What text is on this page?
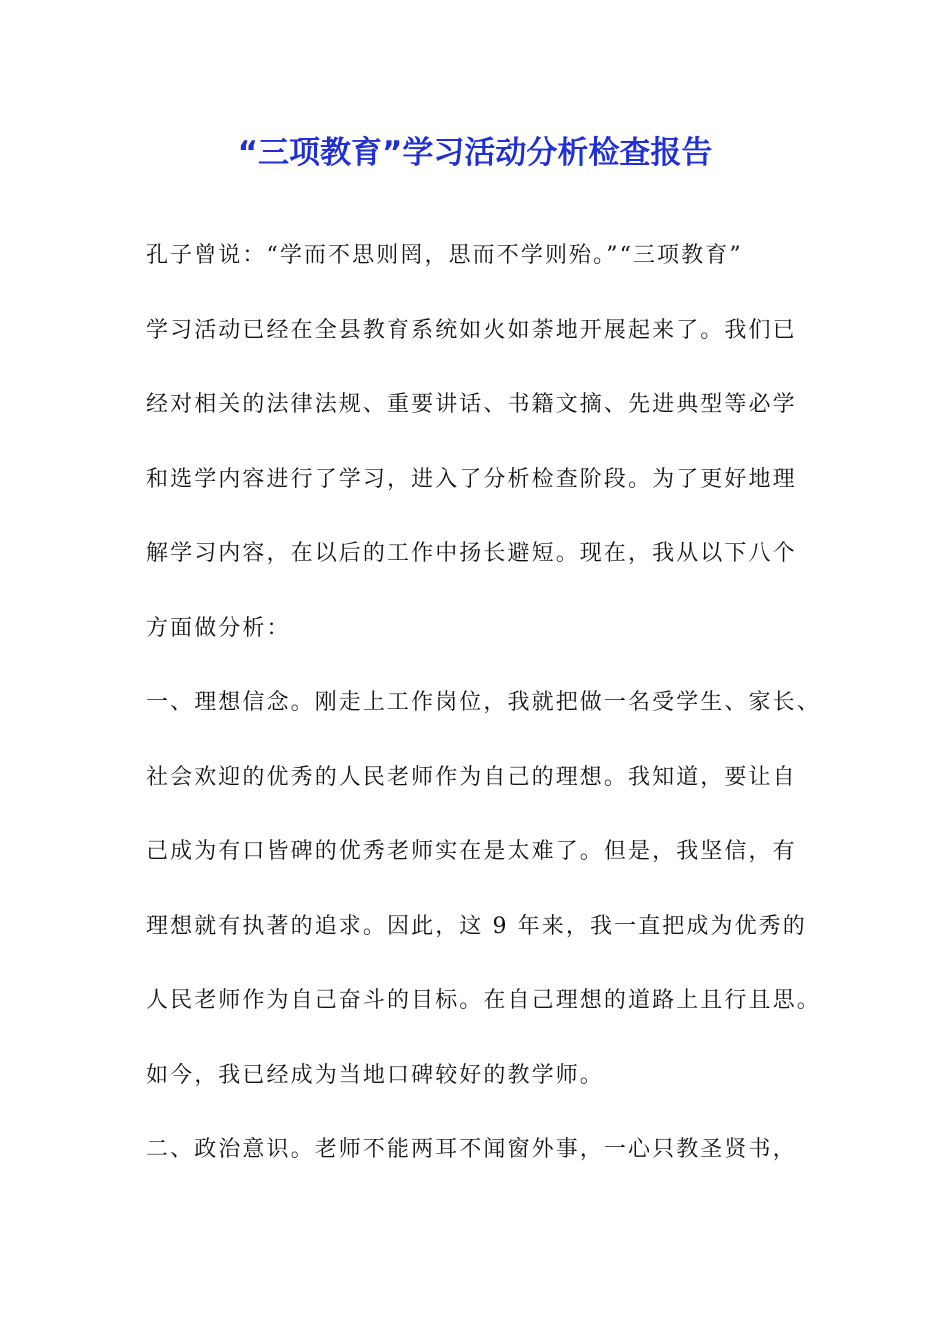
“三项教育”学习活动分析检查报告
孔子曾说：“学而不思则罔，思而不学则殆。”“三项教育”
学习活动已经在全县教育系统如火如荼地开展起来了。我们已
经对相关的法律法规、重要讲话、书籍文摘、先进典型等必学
和选学内容进行了学习，进入了分析检查阶段。为了更好地理
解学习内容，在以后的工作中扬长避短。现在，我从以下八个
方面做分析：
一、理想信念。刚走上工作岗位，我就把做一名受学生、家长、
社会欢迎的优秀的人民老师作为自己的理想。我知道，要让自
己成为有口皆碑的优秀老师实在是太难了。但是，我坚信，有
理想就有执著的追求。因此，这 9 年来，我一直把成为优秀的
人民老师作为自己奋斗的目标。在自己理想的道路上且行且思。
如今，我已经成为当地口碑较好的教学师。
二、政治意识。老师不能两耳不闻窗外事，一心只教圣贤书，
